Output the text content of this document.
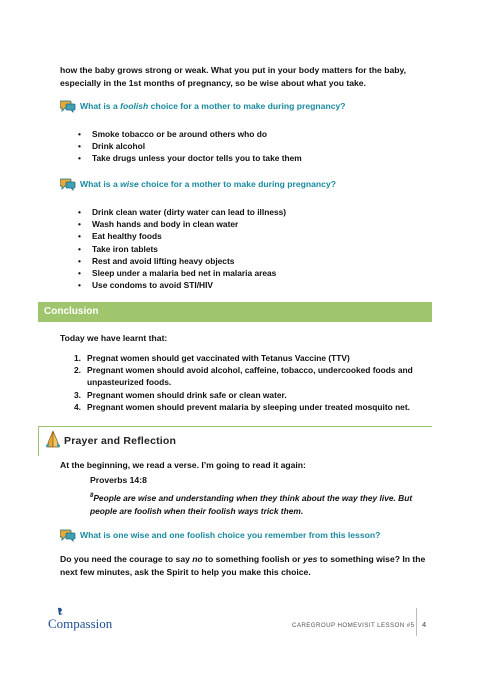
how the baby grows strong or weak. What you put in your body matters for the baby, especially in the 1st months of pregnancy, so be wise about what you take.
What is a foolish choice for a mother to make during pregnancy?
• Smoke tobacco or be around others who do
• Drink alcohol
• Take drugs unless your doctor tells you to take them
What is a wise choice for a mother to make during pregnancy?
• Drink clean water (dirty water can lead to illness)
• Wash hands and body in clean water
• Eat healthy foods
• Take iron tablets
• Rest and avoid lifting heavy objects
• Sleep under a malaria bed net in malaria areas
• Use condoms to avoid STI/HIV
Conclusion
Today we have learnt that:
1. Pregnat women should get vaccinated with Tetanus Vaccine (TTV)
2. Pregnant women should avoid alcohol, caffeine, tobacco, undercooked foods and unpasteurized foods.
3. Pregnant women should drink safe or clean water.
4. Pregnant women should prevent malaria by sleeping under treated mosquito net.
Prayer and Reflection
At the beginning, we read a verse. I’m going to read it again:
Proverbs 14:8
$^8$People are wise and understanding when they think about the way they live. But people are foolish when their foolish ways trick them.
What is one wise and one foolish choice you remember from this lesson?
Do you need the courage to say no to something foolish or yes to something wise? In the next few minutes, ask the Spirit to help you make this choice.
Compassion	CAREGROUP HOMEVISIT LESSON #5 4
